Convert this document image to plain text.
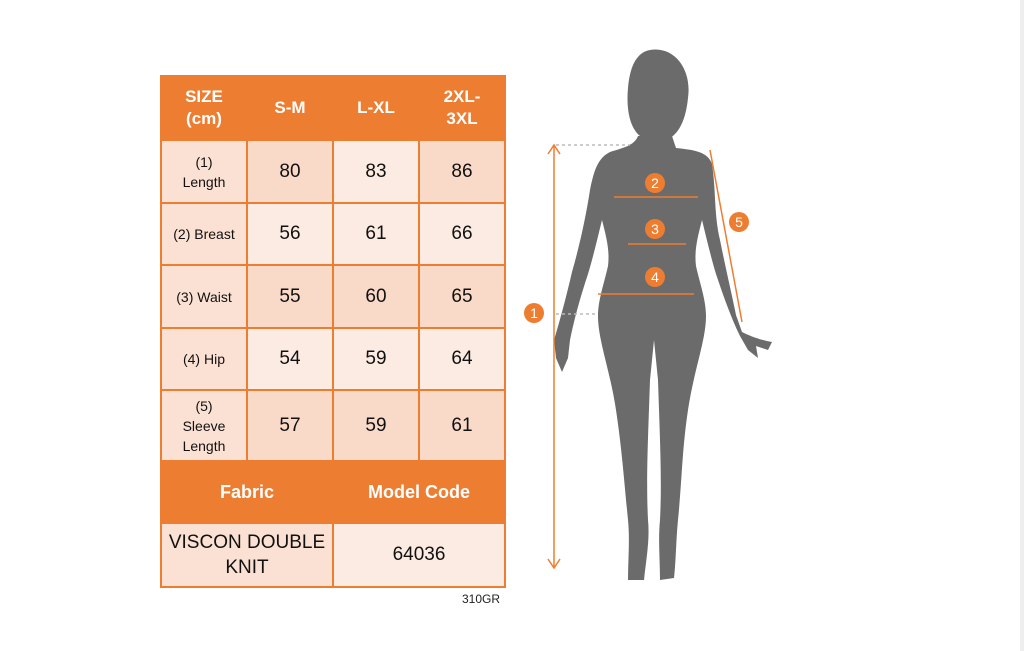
SIZE (cm)	S-M	L-XL	2XL-3XL

(1) Length	80	83	86
(2) Breast	56	61	66
(3) Waist	55	60	65
(4) Hip	54	59	64

(5) Sleeve Length	57	59	61
Fabric		Model Code	

VISCON DOUBLE KNIT		64036	
310GR
1
2
3
4
5
